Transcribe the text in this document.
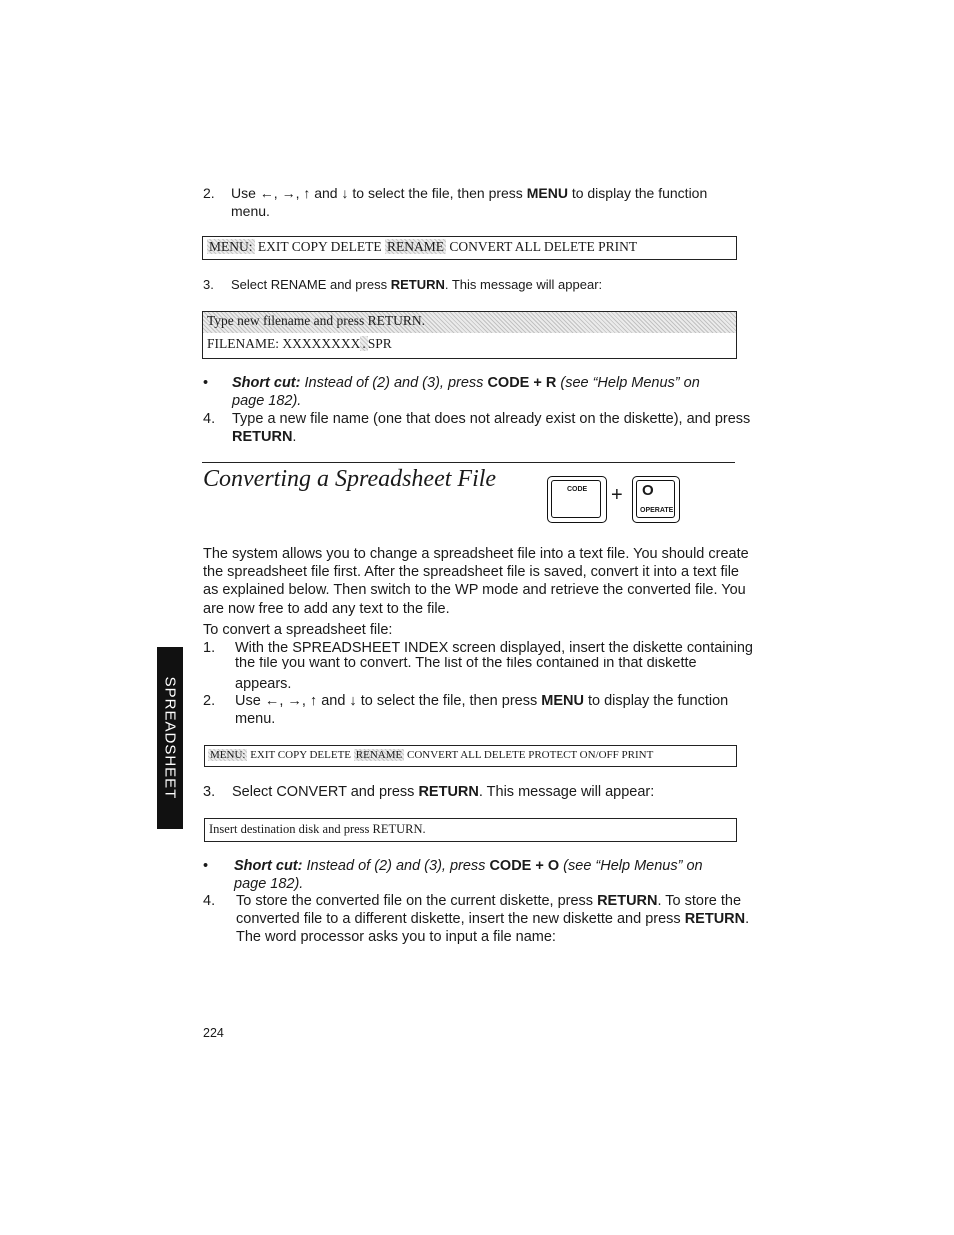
2.	Use ←, →, ↑ and ↓ to select the file, then press MENU to display the function
menu.
MENU: EXIT COPY DELETE RENAME CONVERT ALL DELETE PRINT
3.	Select RENAME and press RETURN. This message will appear:
Type new filename and press RETURN.
FILENAME: XXXXXXXX . SPR
•	Short cut: Instead of (2) and (3), press CODE + R (see “Help Menus” on
page 182).
4.	Type a new file name (one that does not already exist on the diskette), and press
RETURN.
Converting a Spreadsheet File	CODE + O
OPERATE
The system allows you to change a spreadsheet file into a text file. You should create
the spreadsheet file first. After the spreadsheet file is saved, convert it into a text file
as explained below. Then switch to the WP mode and retrieve the converted file. You
are now free to add any text to the file.
To convert a spreadsheet file:
1.	With the SPREADSHEET INDEX screen displayed, insert the diskette containing
the file you want to convert. The list of the files contained in that diskette
appears.
2.	Use ←, →, ↑ and ↓ to select the file, then press MENU to display the function
menu.
MENU: EXIT COPY DELETE RENAME CONVERT ALL DELETE PROTECT ON/OFF PRINT
3.	Select CONVERT and press RETURN. This message will appear:
Insert destination disk and press RETURN.
•	Short cut: Instead of (2) and (3), press CODE + O (see “Help Menus” on
page 182).
4.	To store the converted file on the current diskette, press RETURN. To store the
converted file to a different diskette, insert the new diskette and press RETURN.
The word processor asks you to input a file name:
SPREADSHEET
224
